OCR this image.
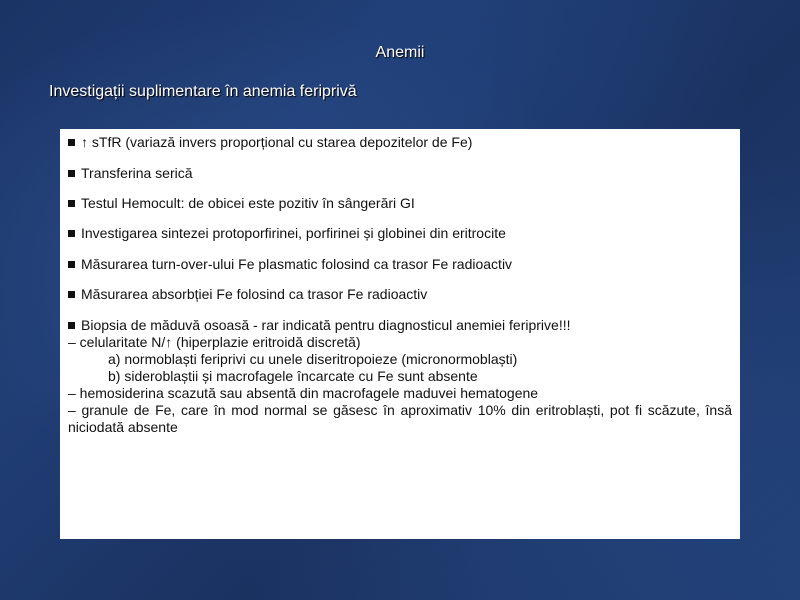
Anemii
Investigații suplimentare în anemia feriprivă
↑ sTfR (variază invers proporțional cu starea depozitelor de Fe)
Transferina serică
Testul Hemocult: de obicei este pozitiv în sângerări GI
Investigarea sintezei protoporfirinei, porfirinei și globinei din eritrocite
Măsurarea turn-over-ului Fe plasmatic folosind ca trasor Fe radioactiv
Măsurarea absorbției Fe folosind ca trasor Fe radioactiv
Biopsia de măduvă osoasă - rar indicată pentru diagnosticul anemiei feriprive!!!
– celularitate N/↑ (hiperplazie eritroidă discretă)
a) normoblaști feriprivi cu unele diseritropoieze (micronormoblaști)
b) sideroblaștii și macrofagele încarcate cu Fe sunt absente
– hemosiderina scazută sau absentă din macrofagele maduvei hematogene
– granule de Fe, care în mod normal se găsesc în aproximativ 10% din eritroblaști, pot fi scăzute, însă niciodată absente
